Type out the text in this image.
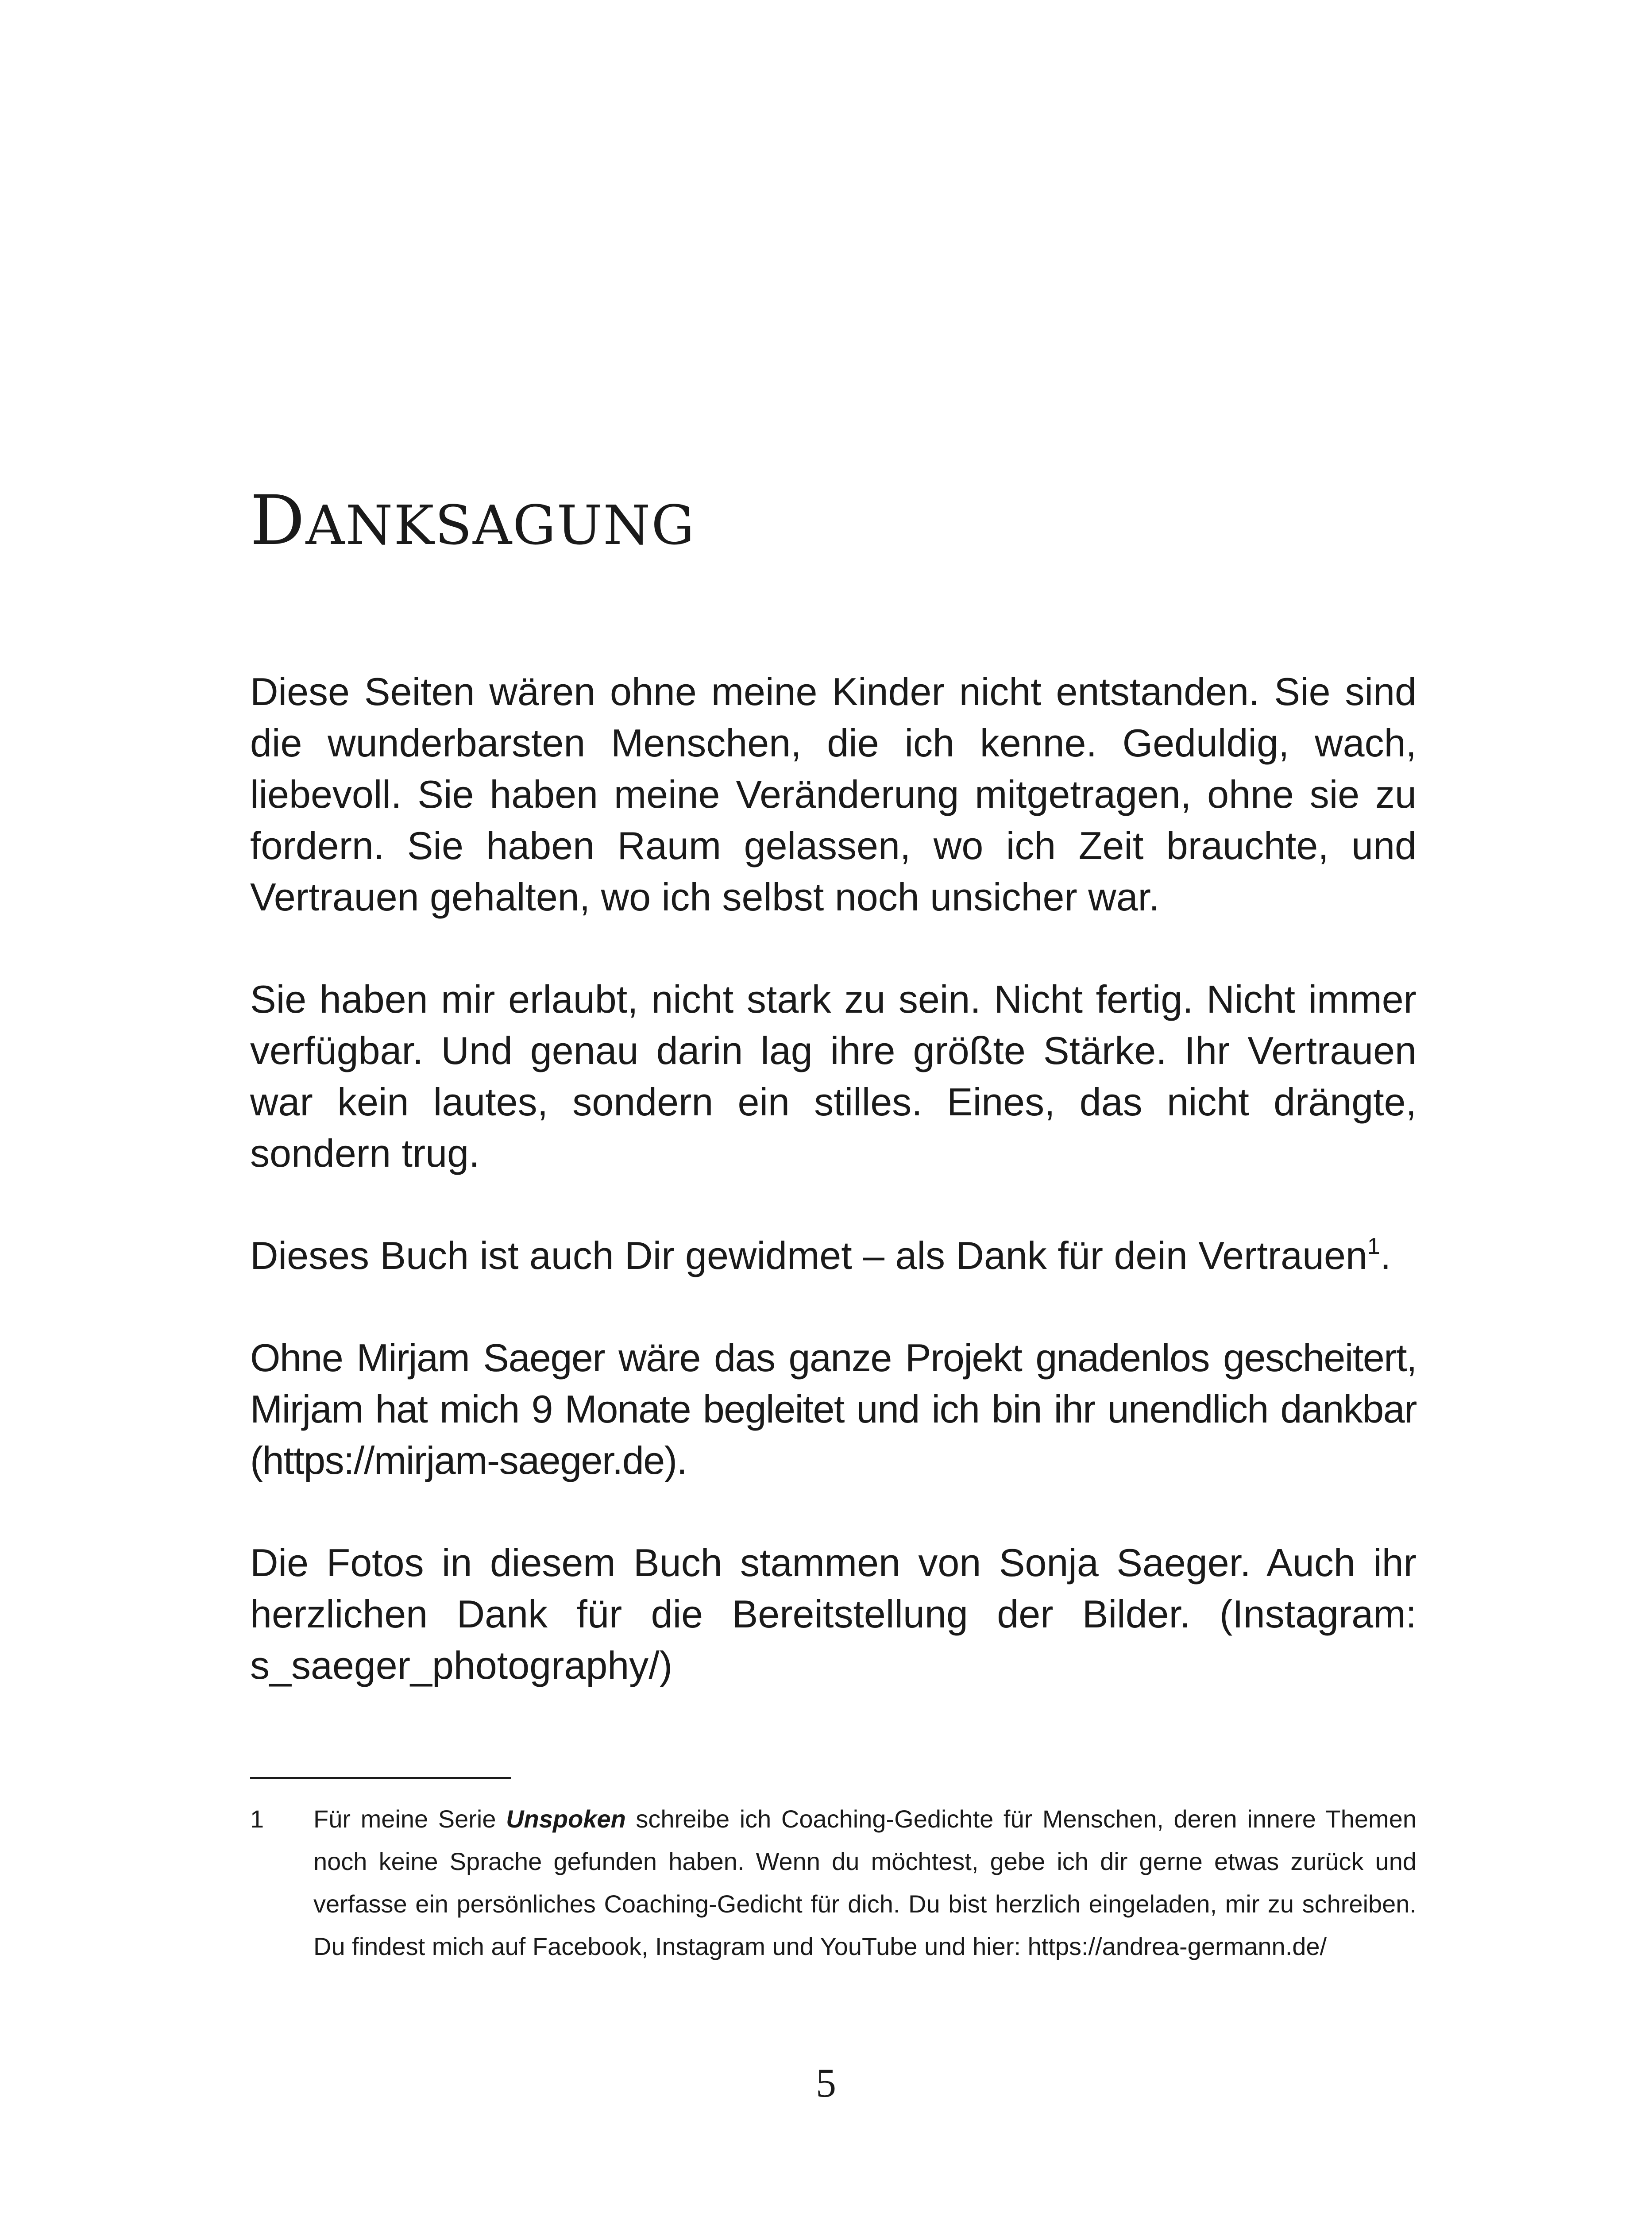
DANKSAGUNG

Diese Seiten wären ohne meine Kinder nicht entstanden. Sie sind die wunderbarsten Menschen, die ich kenne. Geduldig, wach, liebevoll. Sie haben meine Veränderung mitgetragen, ohne sie zu fordern. Sie haben Raum gelassen, wo ich Zeit brauchte, und Vertrauen gehalten, wo ich selbst noch unsicher war.

Sie haben mir erlaubt, nicht stark zu sein. Nicht fertig. Nicht immer verfügbar. Und genau darin lag ihre größte Stärke. Ihr Vertrauen war kein lautes, sondern ein stilles. Eines, das nicht drängte, sondern trug.

Dieses Buch ist auch Dir gewidmet – als Dank für dein Vertrauen$^1$.

Ohne Mirjam Saeger wäre das ganze Projekt gnadenlos gescheitert, Mirjam hat mich 9 Monate begleitet und ich bin ihr unendlich dankbar (https://mirjam-saeger.de).

Die Fotos in diesem Buch stammen von Sonja Saeger. Auch ihr herzlichen Dank für die Bereitstellung der Bilder. (Instagram: s_saeger_photography/)

1 Für meine Serie Unspoken schreibe ich Coaching-Gedichte für Menschen, deren innere Themen noch keine Sprache gefunden haben. Wenn du möchtest, gebe ich dir gerne etwas zurück und verfasse ein persönliches Coaching-Gedicht für dich. Du bist herzlich eingeladen, mir zu schreiben. Du findest mich auf Facebook, Instagram und YouTube und hier: https://andrea-germann.de/

5
